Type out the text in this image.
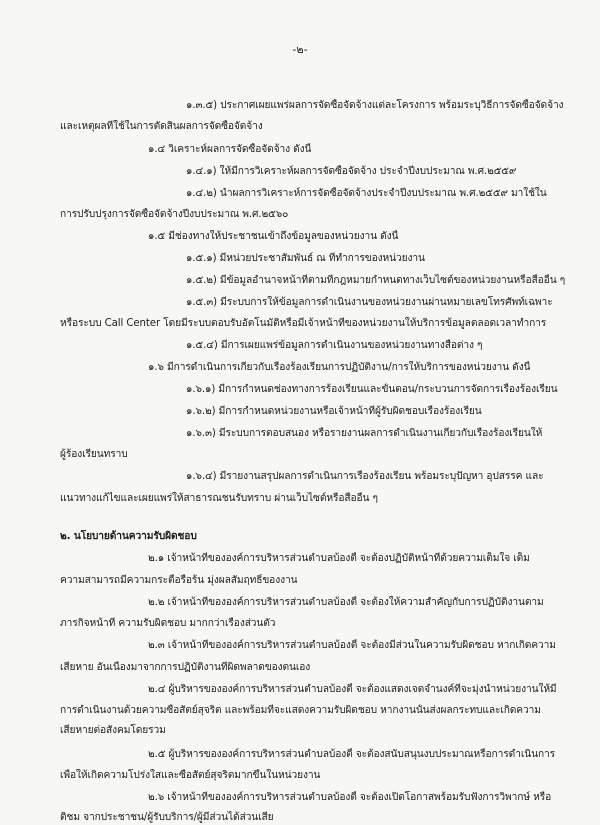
-๒-
๑.๓.๕) ประกาศเผยแพร่ผลการจัดซื้อจัดจ้างแต่ละโครงการ พร้อมระบุวิธีการจัดซื้อจัดจ้าง
และเหตุผลที่ใช้ในการตัดสินผลการจัดซื้อจัดจ้าง
๑.๔ วิเคราะห์ผลการจัดซื้อจัดจ้าง ดังนี้
๑.๔.๑) ให้มีการวิเคราะห์ผลการจัดซื้อจัดจ้าง ประจำปีงบประมาณ พ.ศ.๒๕๕๙
๑.๔.๒) นำผลการวิเคราะห์การจัดซื้อจัดจ้างประจำปีงบประมาณ พ.ศ.๒๕๕๙ มาใช้ใน
การปรับปรุงการจัดซื้อจัดจ้างปีงบประมาณ พ.ศ.๒๕๖๐
๑.๕ มีช่องทางให้ประชาชนเข้าถึงข้อมูลของหน่วยงาน ดังนี้
๑.๕.๑) มีหน่วยประชาสัมพันธ์ ณ ที่ทำการของหน่วยงาน
๑.๕.๒) มีข้อมูลอำนาจหน้าที่ตามที่กฎหมายกำหนดทางเว็บไซต์ของหน่วยงานหรือสื่ออื่น ๆ
๑.๕.๓) มีระบบการให้ข้อมูลการดำเนินงานของหน่วยงานผ่านหมายเลขโทรศัพท์เฉพาะ
หรือระบบ Call Center โดยมีระบบตอบรับอัตโนมัติหรือมีเจ้าหน้าที่ของหน่วยงานให้บริการข้อมูลตลอดเวลาทำการ
๑.๕.๔) มีการเผยแพร่ข้อมูลการดำเนินงานของหน่วยงานทางสื่อต่าง ๆ
๑.๖ มีการดำเนินการเกี่ยวกับเรื่องร้องเรียนการปฏิบัติงาน/การให้บริการของหน่วยงาน ดังนี้
๑.๖.๑) มีการกำหนดช่องทางการร้องเรียนและขั้นตอน/กระบวนการจัดการเรื่องร้องเรียน
๑.๖.๒) มีการกำหนดหน่วยงานหรือเจ้าหน้าที่ผู้รับผิดชอบเรื่องร้องเรียน
๑.๖.๓) มีระบบการตอบสนอง หรือรายงานผลการดำเนินงานเกี่ยวกับเรื่องร้องเรียนให้
ผู้ร้องเรียนทราบ
๑.๖.๔) มีรายงานสรุปผลการดำเนินการเรื่องร้องเรียน พร้อมระบุปัญหา อุปสรรค และ
แนวทางแก้ไขและเผยแพร่ให้สาธารณชนรับทราบ ผ่านเว็บไซต์หรือสื่ออื่น ๆ
๒. นโยบายด้านความรับผิดชอบ
๒.๑ เจ้าหน้าที่ขององค์การบริหารส่วนตำบลบ้องตี้ จะต้องปฏิบัติหน้าที่ด้วยความเต็มใจ เต็ม
ความสามารถมีความกระตือรือร้น มุ่งผลสัมฤทธิ์ของงาน
๒.๒ เจ้าหน้าที่ขององค์การบริหารส่วนตำบลบ้องตี้ จะต้องให้ความสำคัญกับการปฏิบัติงานตาม
ภารกิจหน้าที่ ความรับผิดชอบ มากกว่าเรื่องส่วนตัว
๒.๓ เจ้าหน้าที่ขององค์การบริหารส่วนตำบลบ้องตี้ จะต้องมีส่วนในความรับผิดชอบ หากเกิดความ
เสียหาย อันเนื่องมาจากการปฏิบัติงานที่ผิดพลาดของตนเอง
๒.๔ ผู้บริหารขององค์การบริหารส่วนตำบลบ้องตี้ จะต้องแสดงเจตจำนงค์ที่จะมุ่งนำหน่วยงานให้มี
การดำเนินงานด้วยความซื่อสัตย์สุจริต และพร้อมที่จะแสดงความรับผิดชอบ หากงานนั้นส่งผลกระทบและเกิดความ
เสียหายต่อสังคมโดยรวม
๒.๕ ผู้บริหารขององค์การบริหารส่วนตำบลบ้องตี้ จะต้องสนับสนุนงบประมาณหรือการดำเนินการ
เพื่อให้เกิดความโปร่งใสและซื่อสัตย์สุจริตมากขึ้นในหน่วยงาน
๒.๖ เจ้าหน้าที่ขององค์การบริหารส่วนตำบลบ้องตี้ จะต้องเปิดโอกาสพร้อมรับฟังการวิพากษ์ หรือ
ติชม จากประชาชน/ผู้รับบริการ/ผู้มีส่วนได้ส่วนเสีย
